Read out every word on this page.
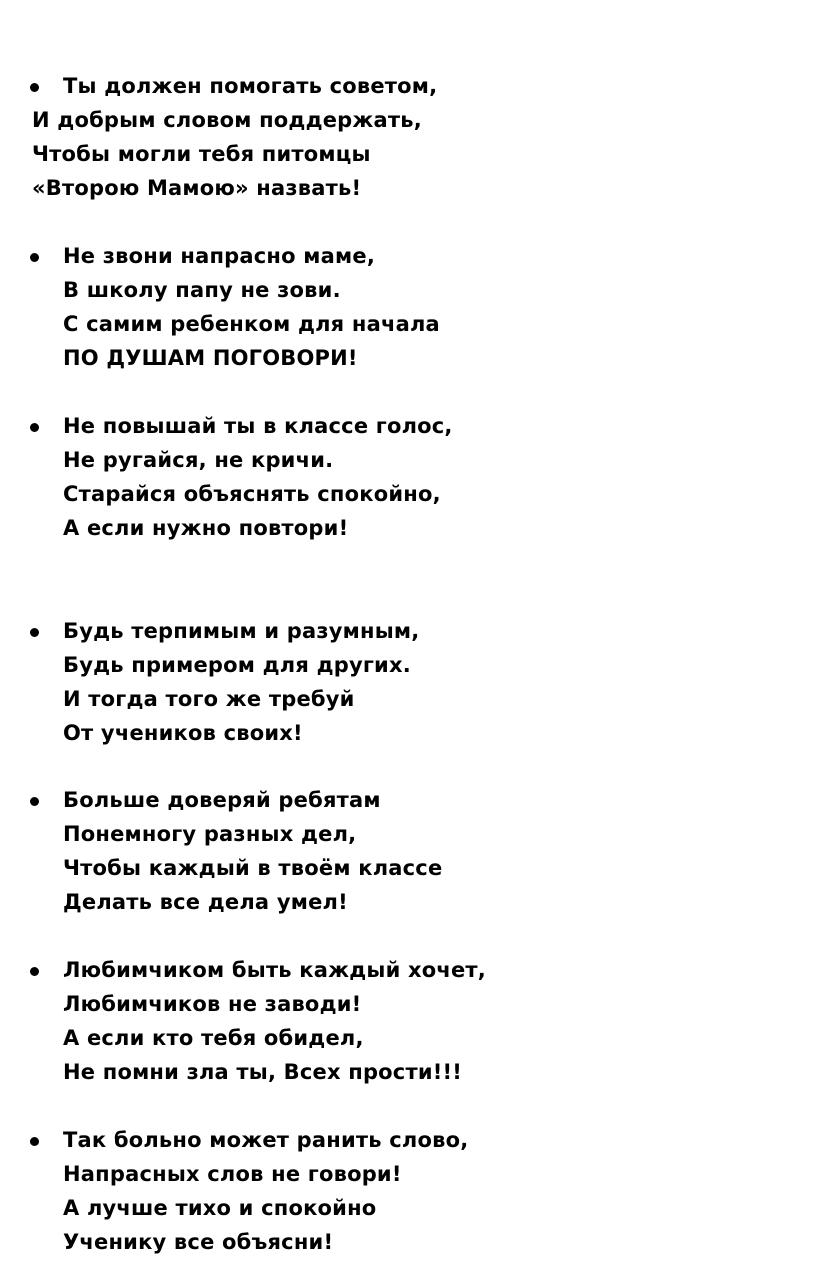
Ты должен помогать советом,
И добрым словом поддержать,
Чтобы могли тебя питомцы
«Второю Мамою» назвать!
Не звони напрасно маме,
В школу папу не зови.
С самим ребенком для начала
ПО ДУШАМ ПОГОВОРИ!
Не повышай ты в классе голос,
Не ругайся, не кричи.
Старайся объяснять спокойно,
А если нужно повтори!
Будь терпимым и разумным,
Будь примером для других.
И тогда того же требуй
От учеников своих!
Больше доверяй ребятам
Понемногу разных дел,
Чтобы каждый в твоём классе
Делать все дела умел!
Любимчиком быть каждый хочет,
Любимчиков не заводи!
А если кто тебя обидел,
Не помни зла ты, Всех прости!!!
Так больно может ранить слово,
Напрасных слов не говори!
А лучше тихо и спокойно
Ученику все объясни!
